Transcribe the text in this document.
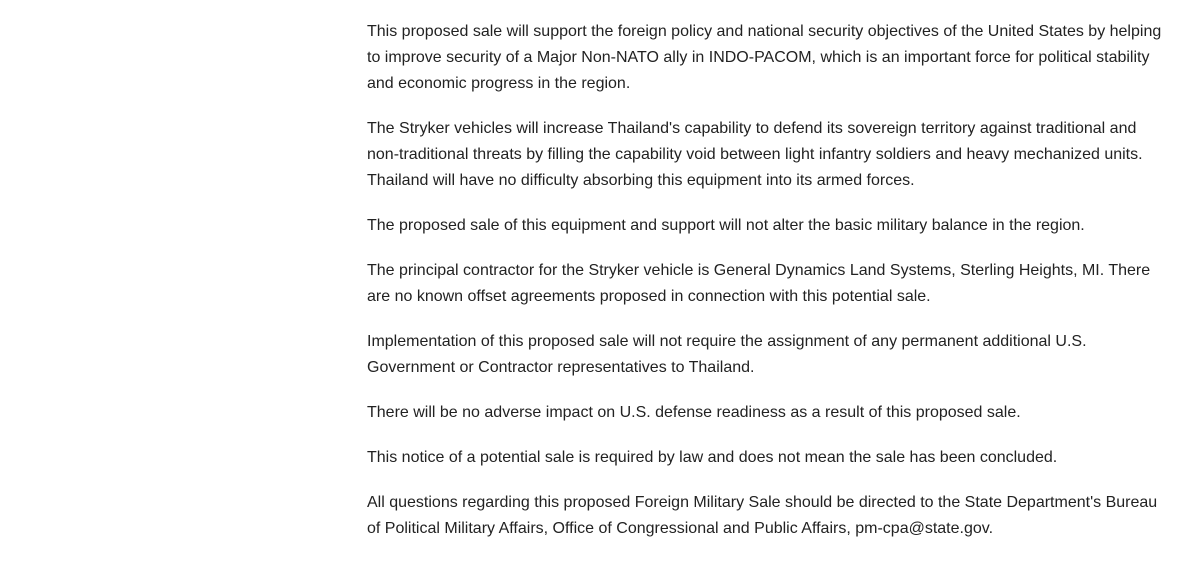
This proposed sale will support the foreign policy and national security objectives of the United States by helping to improve security of a Major Non-NATO ally in INDO-PACOM, which is an important force for political stability and economic progress in the region.

The Stryker vehicles will increase Thailand's capability to defend its sovereign territory against traditional and non-traditional threats by filling the capability void between light infantry soldiers and heavy mechanized units. Thailand will have no difficulty absorbing this equipment into its armed forces.

The proposed sale of this equipment and support will not alter the basic military balance in the region.

The principal contractor for the Stryker vehicle is General Dynamics Land Systems, Sterling Heights, MI. There are no known offset agreements proposed in connection with this potential sale.

Implementation of this proposed sale will not require the assignment of any permanent additional U.S. Government or Contractor representatives to Thailand.

There will be no adverse impact on U.S. defense readiness as a result of this proposed sale.

This notice of a potential sale is required by law and does not mean the sale has been concluded.

All questions regarding this proposed Foreign Military Sale should be directed to the State Department's Bureau of Political Military Affairs, Office of Congressional and Public Affairs, pm-cpa@state.gov.
